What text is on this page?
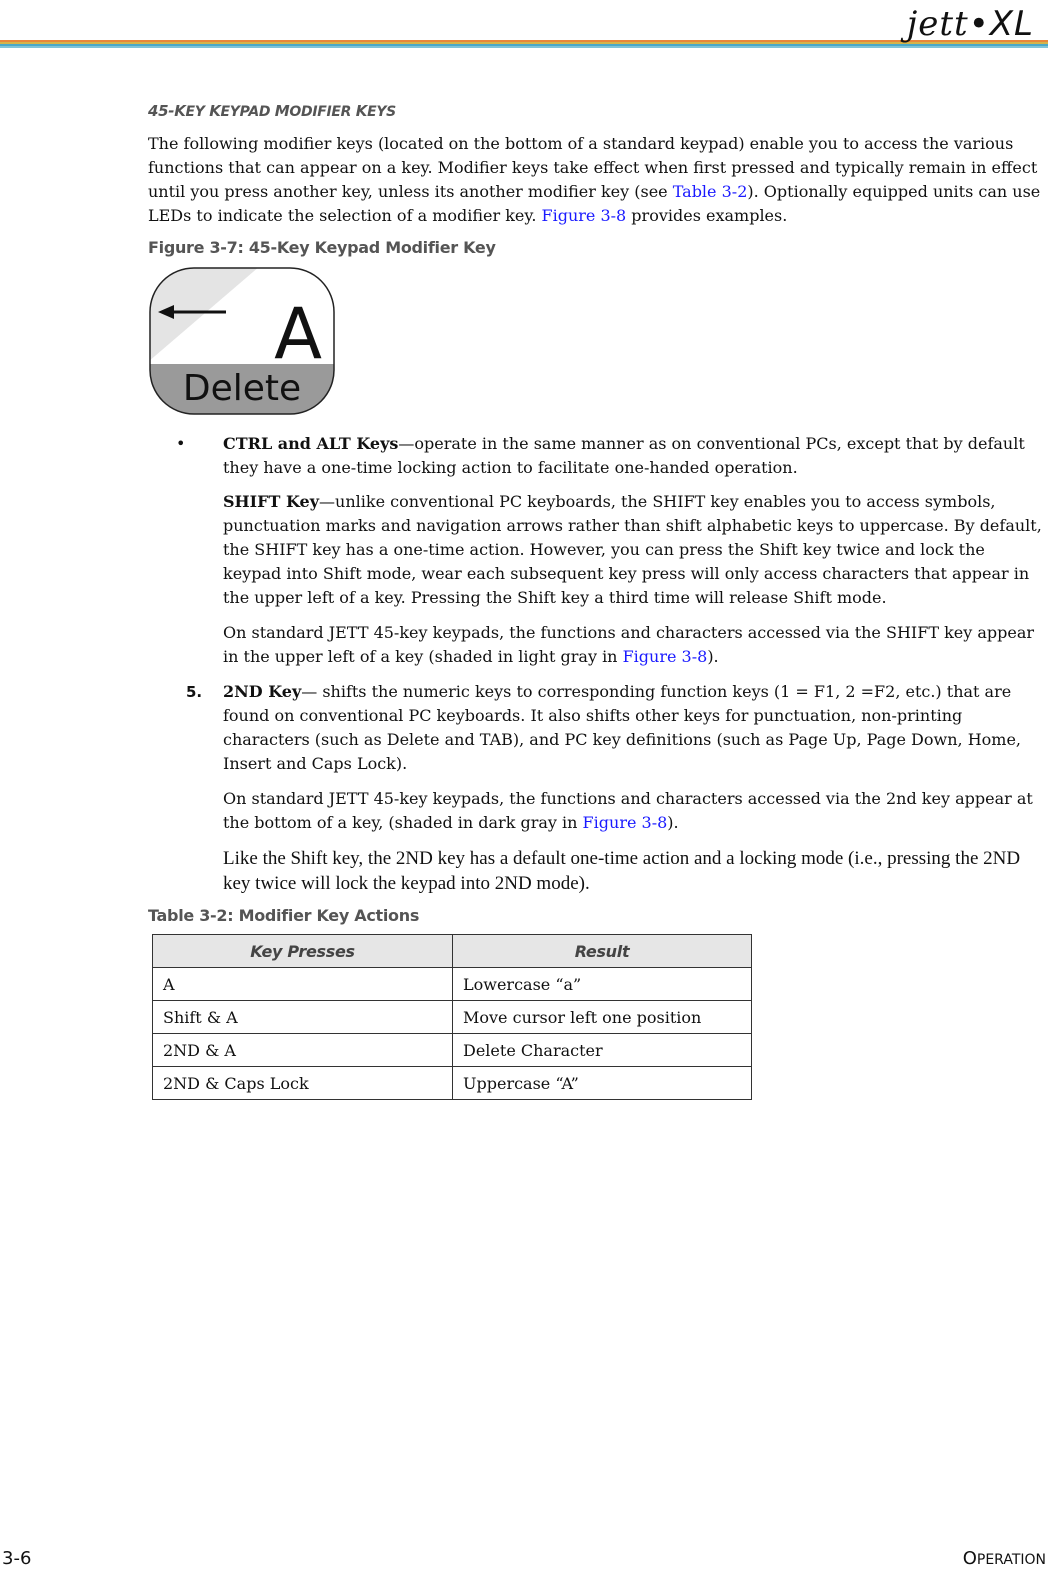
jett•XL
45-KEY KEYPAD MODIFIER KEYS

The following modifier keys (located on the bottom of a standard keypad) enable you to access the various functions that can appear on a key. Modifier keys take effect when first pressed and typically remain in effect until you press another key, unless its another modifier key (see Table 3-2). Optionally equipped units can use LEDs to indicate the selection of a modifier key. Figure 3-8 provides examples.

Figure 3-7: 45-Key Keypad Modifier Key

A
Delete
• CTRL and ALT Keys—operate in the same manner as on conventional PCs, except that by default they have a one-time locking action to facilitate one-handed operation.

SHIFT Key—unlike conventional PC keyboards, the SHIFT key enables you to access symbols, punctuation marks and navigation arrows rather than shift alphabetic keys to uppercase. By default, the SHIFT key has a one-time action. However, you can press the Shift key twice and lock the keypad into Shift mode, wear each subsequent key press will only access characters that appear in the upper left of a key. Pressing the Shift key a third time will release Shift mode.

On standard JETT 45-key keypads, the functions and characters accessed via the SHIFT key appear in the upper left of a key (shaded in light gray in Figure 3-8).

5. 2ND Key— shifts the numeric keys to corresponding function keys (1 = F1, 2 =F2, etc.) that are found on conventional PC keyboards. It also shifts other keys for punctuation, non-printing characters (such as Delete and TAB), and PC key definitions (such as Page Up, Page Down, Home, Insert and Caps Lock).

On standard JETT 45-key keypads, the functions and characters accessed via the 2nd key appear at the bottom of a key, (shaded in dark gray in Figure 3-8).

Like the Shift key, the 2ND key has a default one-time action and a locking mode (i.e., pressing the 2ND key twice will lock the keypad into 2ND mode).

Table 3-2: Modifier Key Actions

Key Presses	Result
A	Lowercase “a”
Shift & A	Move cursor left one position
2ND & A	Delete Character
2ND & Caps Lock	Uppercase “A”
3-6	OPERATION
